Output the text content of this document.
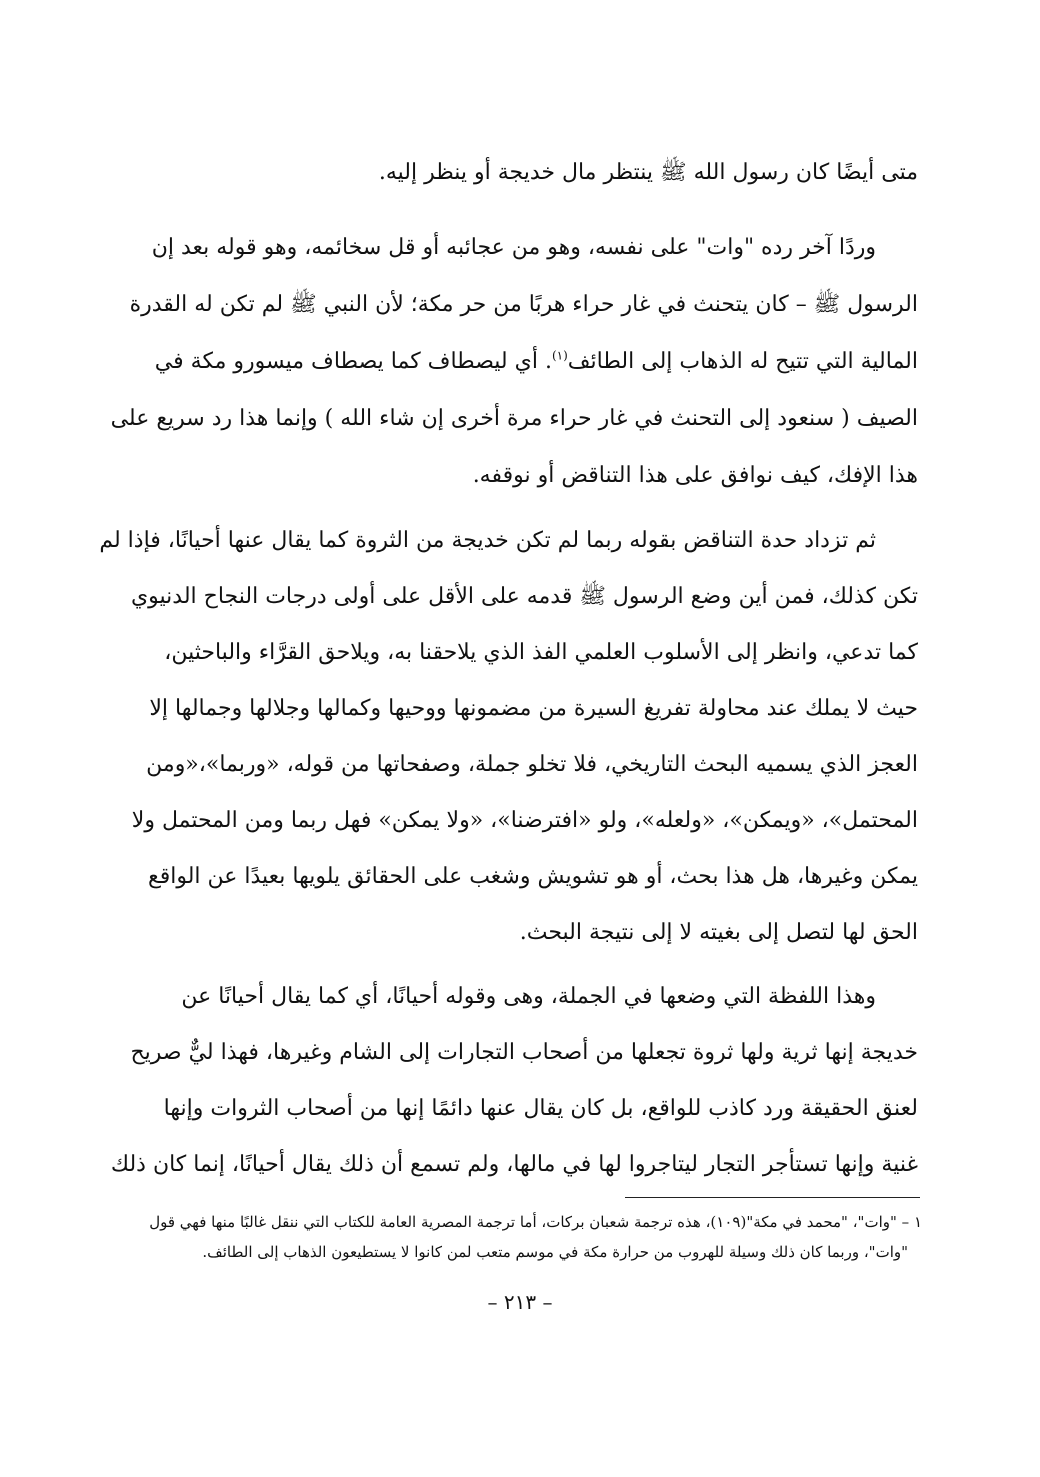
متى أيضًا كان رسول الله ﷺ ينتظر مال خديجة أو ينظر إليه.
وردًا آخر رده "وات" على نفسه، وهو من عجائبه أو قل سخائمه، وهو قوله بعد إن
الرسول ﷺ – كان يتحنث في غار حراء هربًا من حر مكة؛ لأن النبي ﷺ لم تكن له القدرة
المالية التي تتيح له الذهاب إلى الطائف$^{(١)}$. أي ليصطاف كما يصطاف ميسورو مكة في
الصيف ( سنعود إلى التحنث في غار حراء مرة أخرى إن شاء الله ) وإنما هذا رد سريع على
هذا الإفك، كيف نوافق على هذا التناقض أو نوقفه.
ثم تزداد حدة التناقض بقوله ربما لم تكن خديجة من الثروة كما يقال عنها أحيانًا، فإذا لم
تكن كذلك، فمن أين وضع الرسول ﷺ قدمه على الأقل على أولى درجات النجاح الدنيوي
كما تدعي، وانظر إلى الأسلوب العلمي الفذ الذي يلاحقنا به، ويلاحق القرَّاء والباحثين،
حيث لا يملك عند محاولة تفريغ السيرة من مضمونها ووحيها وكمالها وجلالها وجمالها إلا
العجز الذي يسميه البحث التاريخي، فلا تخلو جملة، وصفحاتها من قوله، «وربما»،«ومن
المحتمل»، «ويمكن»، «ولعله»، ولو «افترضنا»، «ولا يمكن» فهل ربما ومن المحتمل ولا
يمكن وغيرها، هل هذا بحث، أو هو تشويش وشغب على الحقائق يلويها بعيدًا عن الواقع
الحق لها لتصل إلى بغيته لا إلى نتيجة البحث.
وهذا اللفظة التي وضعها في الجملة، وهى وقوله أحيانًا، أي كما يقال أحيانًا عن
خديجة إنها ثرية ولها ثروة تجعلها من أصحاب التجارات إلى الشام وغيرها، فهذا ليٌّ صريح
لعنق الحقيقة ورد كاذب للواقع، بل كان يقال عنها دائمًا إنها من أصحاب الثروات وإنها
غنية وإنها تستأجر التجار ليتاجروا لها في مالها، ولم تسمع أن ذلك يقال أحيانًا، إنما كان ذلك
١ – "وات"، "محمد في مكة"(١٠٩)، هذه ترجمة شعبان بركات، أما ترجمة المصرية العامة للكتاب التي ننقل غالبًا منها فهي قول
"وات"، وربما كان ذلك وسيلة للهروب من حرارة مكة في موسم متعب لمن كانوا لا يستطيعون الذهاب إلى الطائف.
– ٢١٣ –
